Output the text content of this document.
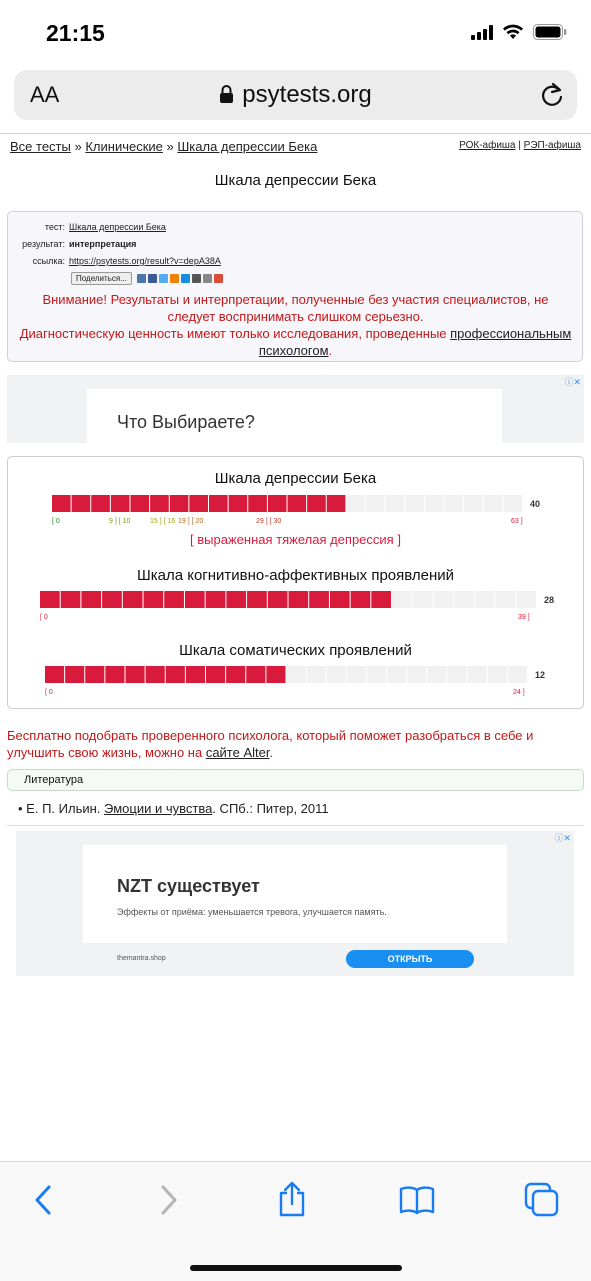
21:15
AA	psytests.org
Все тесты » Клинические » Шкала депрессии Бека	РОК-афиша | РЭП-афиша
Шкала депрессии Бека
тест: Шкала депрессии Бека
результат: интерпретация
ссылка: https://psytests.org/result?v=depA38A
Поделиться...
Внимание! Результаты и интерпретации, полученные без участия специалистов, не следует воспринимать слишком серьезно.
Диагностическую ценность имеют только исследования, проведенные профессиональным психологом.
Что Выбираете?
ⓘ✕
40
[ 0	9 ] [ 10	15 ] [ 16 19 ] [ 20	29 ] [ 30	63 ]
28
[ 0	39 ]
12
[ 0	24 ]
Шкала депрессии Бека
Шкала когнитивно-аффективных проявлений
Шкала соматических проявлений
[ выраженная тяжелая депрессия ]
Бесплатно подобрать проверенного психолога, который поможет разобраться в себе и улучшить свою жизнь, можно на сайте Alter.
Литература
• Е. П. Ильин. Эмоции и чувства. СПб.: Питер, 2011
NZT существует
Эффекты от приёма: уменьшается тревога, улучшается память.
themantra.shop	ОТКРЫТЬ
ⓘ✕
